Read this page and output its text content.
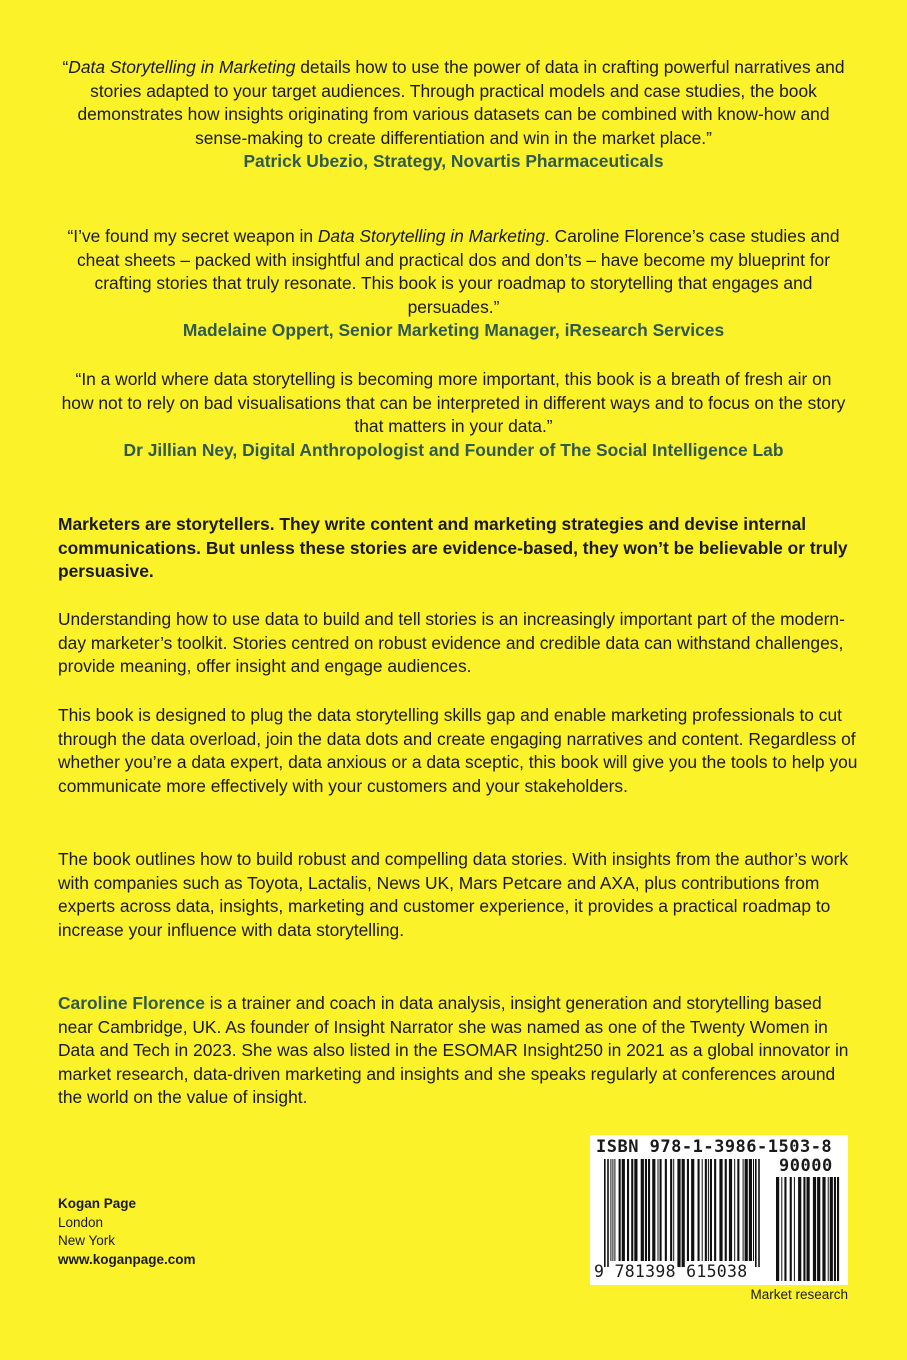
“Data Storytelling in Marketing details how to use the power of data in crafting powerful narratives and stories adapted to your target audiences. Through practical models and case studies, the book demonstrates how insights originating from various datasets can be combined with know-how and sense-making to create differentiation and win in the market place.”
Patrick Ubezio, Strategy, Novartis Pharmaceuticals
“I’ve found my secret weapon in Data Storytelling in Marketing. Caroline Florence’s case studies and cheat sheets – packed with insightful and practical dos and don’ts – have become my blueprint for crafting stories that truly resonate. This book is your roadmap to storytelling that engages and persuades.”
Madelaine Oppert, Senior Marketing Manager, iResearch Services
“In a world where data storytelling is becoming more important, this book is a breath of fresh air on how not to rely on bad visualisations that can be interpreted in different ways and to focus on the story that matters in your data.”
Dr Jillian Ney, Digital Anthropologist and Founder of The Social Intelligence Lab

Marketers are storytellers. They write content and marketing strategies and devise internal communications. But unless these stories are evidence-based, they won’t be believable or truly persuasive.

Understanding how to use data to build and tell stories is an increasingly important part of the modern-day marketer’s toolkit. Stories centred on robust evidence and credible data can withstand challenges, provide meaning, offer insight and engage audiences.

This book is designed to plug the data storytelling skills gap and enable marketing professionals to cut through the data overload, join the data dots and create engaging narratives and content. Regardless of whether you’re a data expert, data anxious or a data sceptic, this book will give you the tools to help you communicate more effectively with your customers and your stakeholders.

The book outlines how to build robust and compelling data stories. With insights from the author’s work with companies such as Toyota, Lactalis, News UK, Mars Petcare and AXA, plus contributions from experts across data, insights, marketing and customer experience, it provides a practical roadmap to increase your influence with data storytelling.

Caroline Florence is a trainer and coach in data analysis, insight generation and storytelling based near Cambridge, UK. As founder of Insight Narrator she was named as one of the Twenty Women in Data and Tech in 2023. She was also listed in the ESOMAR Insight250 in 2021 as a global innovator in market research, data-driven marketing and insights and she speaks regularly at conferences around the world on the value of insight.

Kogan Page
London
New York
www.koganpage.com
ISBN 978-1-3986-1503-8
90000
9 781398 615038
Market research
